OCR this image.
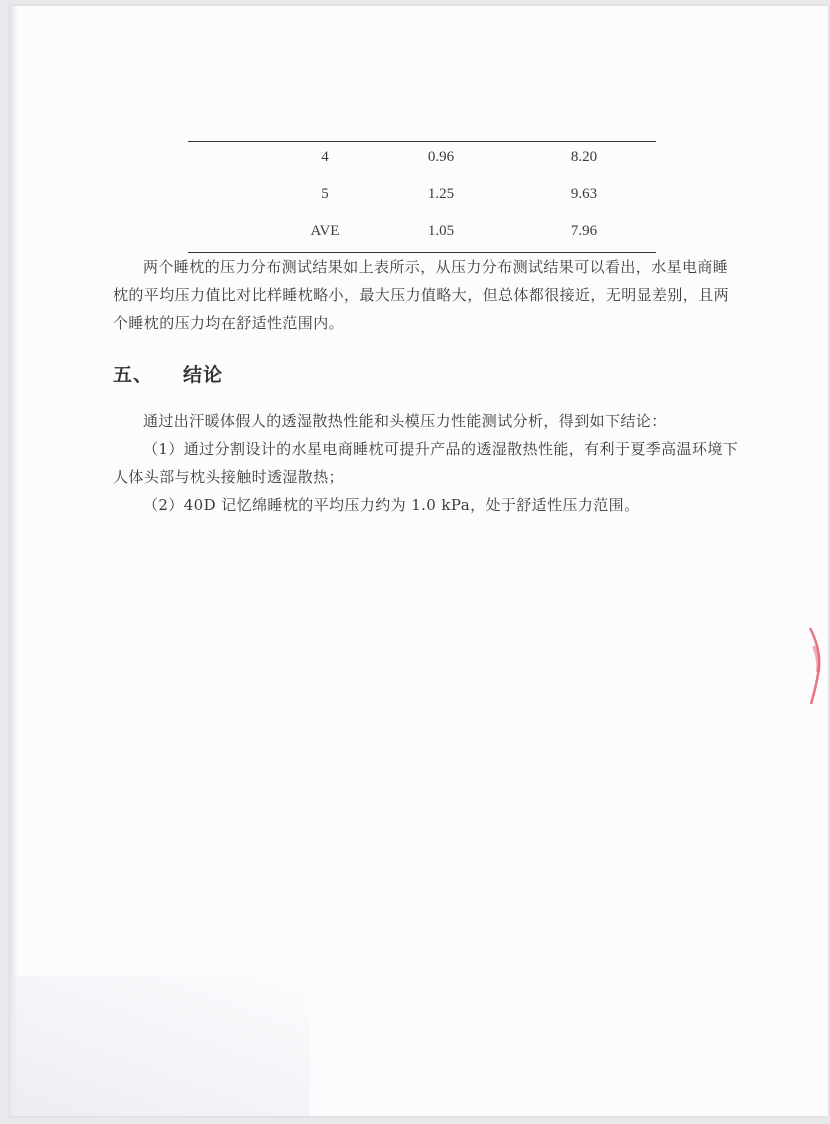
4	0.96	8.20
5	1.25	9.63
AVE	1.05	7.96

两个睡枕的压力分布测试结果如上表所示，从压力分布测试结果可以看出，水星电商睡枕的平均压力值比对比样睡枕略小，最大压力值略大，但总体都很接近，无明显差别，且两个睡枕的压力均在舒适性范围内。

五、 结论

通过出汗暖体假人的透湿散热性能和头模压力性能测试分析，得到如下结论：

（1）通过分割设计的水星电商睡枕可提升产品的透湿散热性能，有利于夏季高温环境下人体头部与枕头接触时透湿散热；

（2）40D 记忆绵睡枕的平均压力约为 1.0 kPa，处于舒适性压力范围。
